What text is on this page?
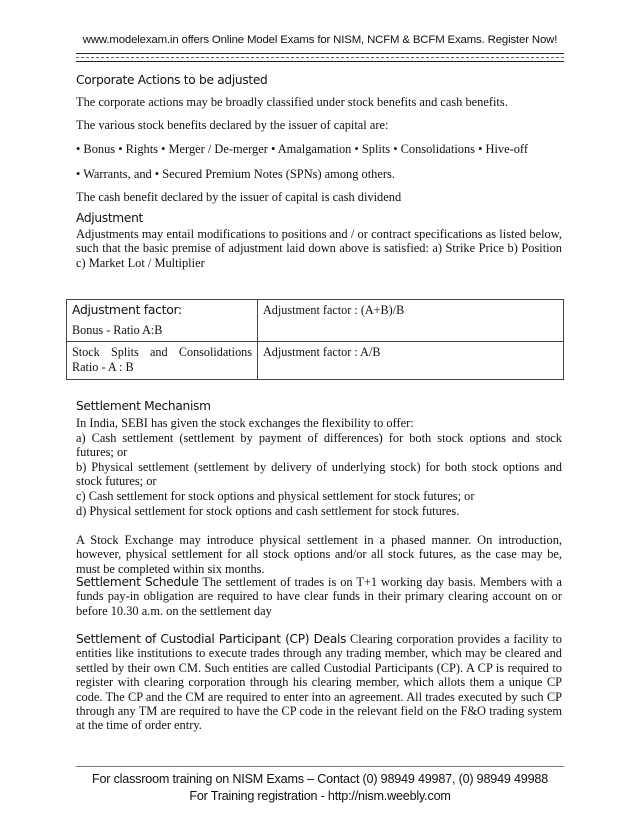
www.modelexam.in offers Online Model Exams for NISM, NCFM & BCFM Exams. Register Now!
Corporate Actions to be adjusted
The corporate actions may be broadly classified under stock benefits and cash benefits.
The various stock benefits declared by the issuer of capital are:
• Bonus • Rights • Merger / De-merger • Amalgamation • Splits • Consolidations • Hive-off
• Warrants, and • Secured Premium Notes (SPNs) among others.
The cash benefit declared by the issuer of capital is cash dividend
Adjustment
Adjustments may entail modifications to positions and / or contract specifications as listed below, such that the basic premise of adjustment laid down above is satisfied: a) Strike Price b) Position c) Market Lot / Multiplier
Adjustment factor:
Bonus - Ratio A:B	Adjustment factor : (A+B)/B
Stock Splits and Consolidations Ratio - A : B	Adjustment factor : A/B
Settlement Mechanism
In India, SEBI has given the stock exchanges the flexibility to offer:
a) Cash settlement (settlement by payment of differences) for both stock options and stock futures; or
b) Physical settlement (settlement by delivery of underlying stock) for both stock options and stock futures; or
c) Cash settlement for stock options and physical settlement for stock futures; or
d) Physical settlement for stock options and cash settlement for stock futures.
A Stock Exchange may introduce physical settlement in a phased manner. On introduction, however, physical settlement for all stock options and/or all stock futures, as the case may be, must be completed within six months.
Settlement Schedule The settlement of trades is on T+1 working day basis. Members with a funds pay-in obligation are required to have clear funds in their primary clearing account on or before 10.30 a.m. on the settlement day
Settlement of Custodial Participant (CP) Deals Clearing corporation provides a facility to entities like institutions to execute trades through any trading member, which may be cleared and settled by their own CM. Such entities are called Custodial Participants (CP). A CP is required to register with clearing corporation through his clearing member, which allots them a unique CP code. The CP and the CM are required to enter into an agreement. All trades executed by such CP through any TM are required to have the CP code in the relevant field on the F&O trading system at the time of order entry.
For classroom training on NISM Exams – Contact (0) 98949 49987, (0) 98949 49988
For Training registration - http://nism.weebly.com
